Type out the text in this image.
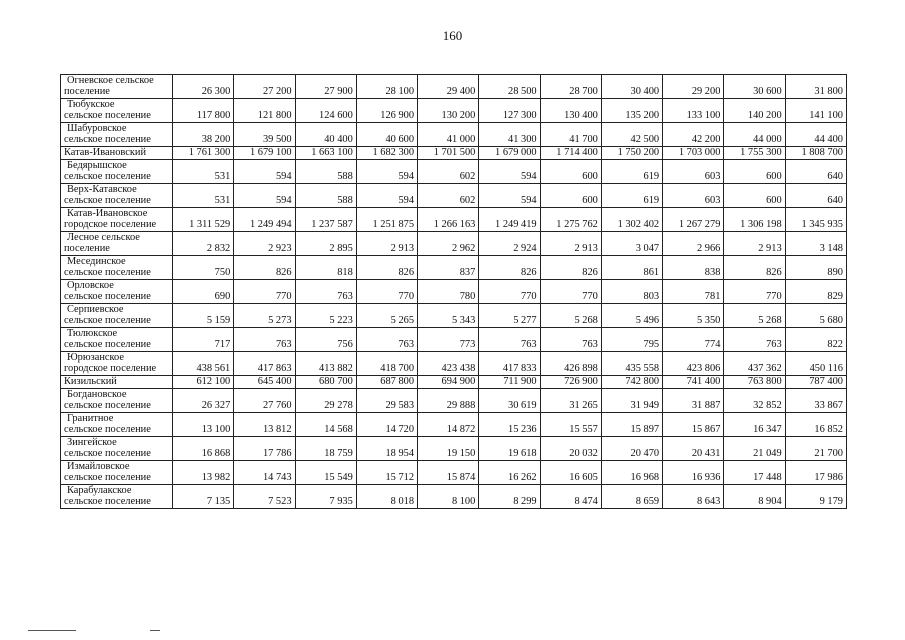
160
Огневское сельское
поселение	26 300	27 200	27 900	28 100	29 400	28 500	28 700	30 400	29 200	30 600	31 800

Тюбукское
сельское поселение	117 800	121 800	124 600	126 900	130 200	127 300	130 400	135 200	133 100	140 200	141 100

Шабуровское
сельское поселение	38 200	39 500	40 400	40 600	41 000	41 300	41 700	42 500	42 200	44 000	44 400

Катав-Ивановский	1 761 300	1 679 100	1 663 100	1 682 300	1 701 500	1 679 000	1 714 400	1 750 200	1 703 000	1 755 300	1 808 700

Бедярышское
сельское поселение	531	594	588	594	602	594	600	619	603	600	640

Верх-Катавское
сельское поселение	531	594	588	594	602	594	600	619	603	600	640

Катав-Ивановское
городское поселение	1 311 529	1 249 494	1 237 587	1 251 875	1 266 163	1 249 419	1 275 762	1 302 402	1 267 279	1 306 198	1 345 935

Лесное сельское
поселение	2 832	2 923	2 895	2 913	2 962	2 924	2 913	3 047	2 966	2 913	3 148

Месединское
сельское поселение	750	826	818	826	837	826	826	861	838	826	890

Орловское
сельское поселение	690	770	763	770	780	770	770	803	781	770	829

Серпиевское
сельское поселение	5 159	5 273	5 223	5 265	5 343	5 277	5 268	5 496	5 350	5 268	5 680

Тюлюкское
сельское поселение	717	763	756	763	773	763	763	795	774	763	822

Юрюзанское
городское поселение	438 561	417 863	413 882	418 700	423 438	417 833	426 898	435 558	423 806	437 362	450 116

Кизильский	612 100	645 400	680 700	687 800	694 900	711 900	726 900	742 800	741 400	763 800	787 400

Богдановское
сельское поселение	26 327	27 760	29 278	29 583	29 888	30 619	31 265	31 949	31 887	32 852	33 867

Гранитное
сельское поселение	13 100	13 812	14 568	14 720	14 872	15 236	15 557	15 897	15 867	16 347	16 852

Зингейское
сельское поселение	16 868	17 786	18 759	18 954	19 150	19 618	20 032	20 470	20 431	21 049	21 700

Измайловское
сельское поселение	13 982	14 743	15 549	15 712	15 874	16 262	16 605	16 968	16 936	17 448	17 986

Карабулакское
сельское поселение	7 135	7 523	7 935	8 018	8 100	8 299	8 474	8 659	8 643	8 904	9 179
